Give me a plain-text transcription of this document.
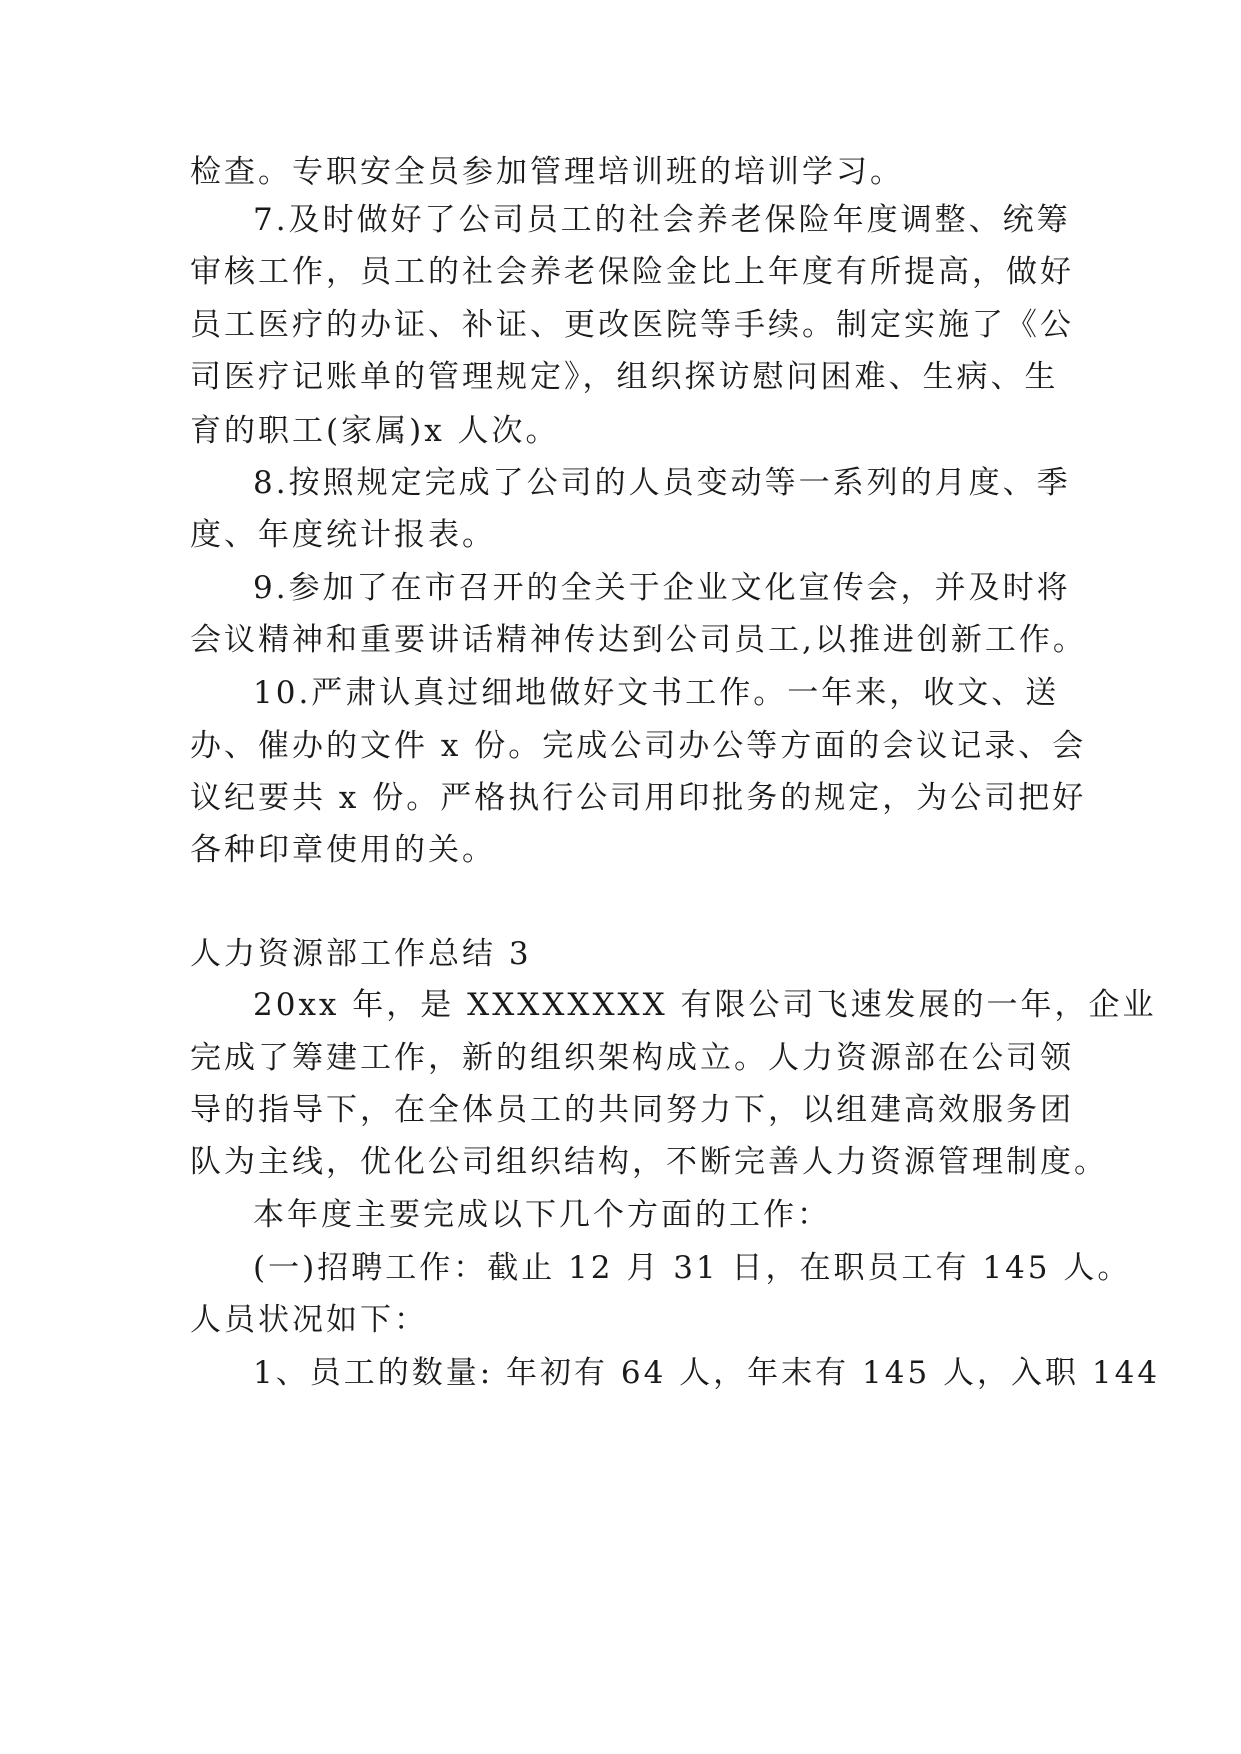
检查。专职安全员参加管理培训班的培训学习。
7.及时做好了公司员工的社会养老保险年度调整、统筹
审核工作，员工的社会养老保险金比上年度有所提高，做好
员工医疗的办证、补证、更改医院等手续。制定实施了《公
司医疗记账单的管理规定》，组织探访慰问困难、生病、生
育的职工(家属)x 人次。
8.按照规定完成了公司的人员变动等一系列的月度、季
度、年度统计报表。
9.参加了在市召开的全关于企业文化宣传会，并及时将
会议精神和重要讲话精神传达到公司员工,以推进创新工作。
10.严肃认真过细地做好文书工作。一年来，收文、送
办、催办的文件 x 份。完成公司办公等方面的会议记录、会
议纪要共 x 份。严格执行公司用印批务的规定，为公司把好
各种印章使用的关。
人力资源部工作总结 3
20xx 年，是 XXXXXXXX 有限公司飞速发展的一年，企业
完成了筹建工作，新的组织架构成立。人力资源部在公司领
导的指导下，在全体员工的共同努力下，以组建高效服务团
队为主线，优化公司组织结构，不断完善人力资源管理制度。
本年度主要完成以下几个方面的工作：
(一)招聘工作：截止 12 月 31 日，在职员工有 145 人。
人员状况如下：
1、员工的数量: 年初有 64 人，年末有 145 人，入职 144
